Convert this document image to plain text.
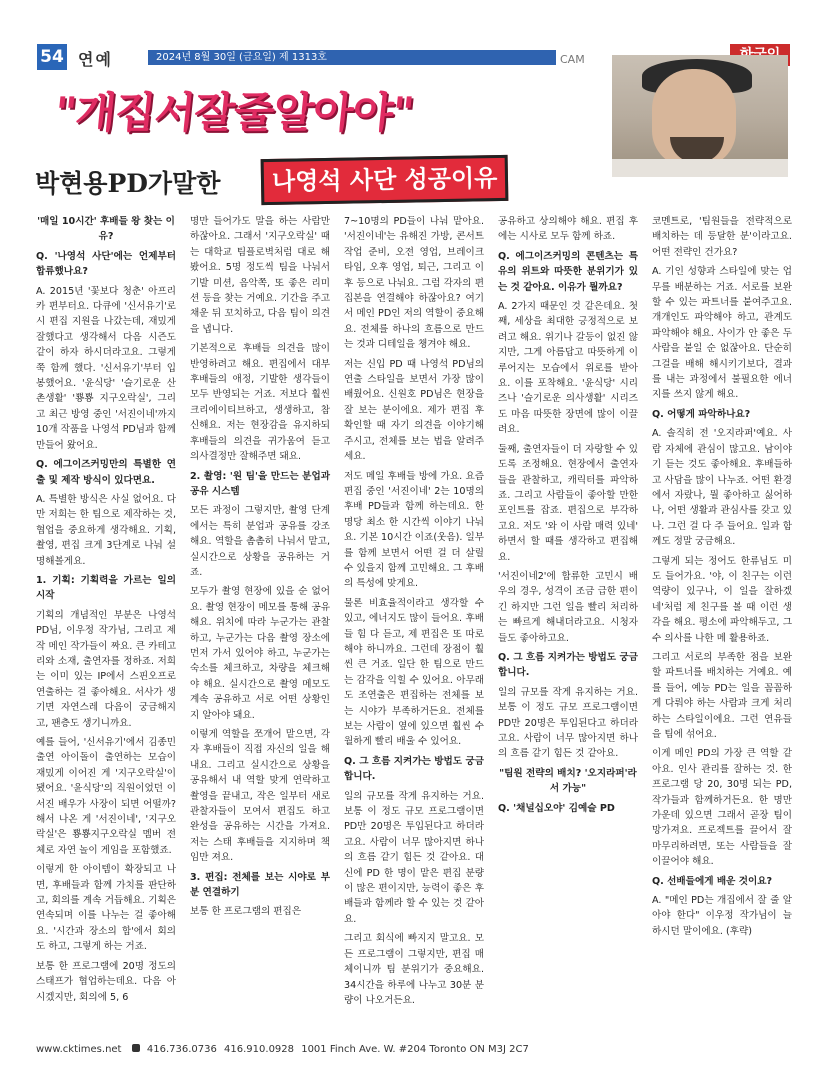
54 연예	2024년 8월 30일 (금요일) 제 1313호	CAM
"개집서잘줄알아야"
박현용PD가말한	나영석 사단 성공이유

'매일 10시간' 후배들 왕 찾는 이유?

Q. '나영석 사단'에는 언제부터 합류했나요?

A. 2015년 '꽃보다 청춘' 아프리카 편부터요. 다큐에 '신서유기'로 시 편집 지원을 나갔는데, 재밌게 잘했다고 생각해서 다음 시즌도 같이 하자 하시더라고요. 그렇게 쭉 함께 했다. '신서유기'부터 입봉했어요. '윤식당' '슬기로운 산촌생활' '뿅뿅 지구오락실', 그리고 최근 방영 중인 '서진이네'까지 10개 작품을 나영석 PD님과 함께 만들어 왔어요.

Q. 에그이즈커밍만의 특별한 연출 및 제작 방식이 있다면요.

A. 특별한 방식은 사실 없어요. 다만 저희는 한 팀으로 제작하는 것, 협업을 중요하게 생각해요. 기획, 촬영, 편집 크게 3단계로 나눠 설명해볼게요.

1. 기획: 기획력을 가르는 일의 시작

기획의 개념적인 부분은 나영석 PD님, 이우정 작가님, 그리고 제작 메인 작가들이 짜요. 큰 카테고리와 소재, 출연자를 정하죠. 저희는 이미 있는 IP에서 스핀오프로 연출하는 걸 좋아해요. 서사가 생기면 자연스레 다음이 궁금해지고, 팬층도 생기니까요.

예를 들어, '신서유기'에서 김종민 출연 아이돌이 출연하는 모습이 재밌게 이어진 게 '지구오락실'이 됐어요. '윤식당'의 직원이었던 이서진 배우가 사장이 되면 어떨까? 해서 나온 게 '서진이네', '지구오락실'은 뿅뿅지구오락실 멤버 전체로 자연 놀이 게임을 포함했죠.

이렇게 한 아이템이 확장되고 나면, 후배들과 함께 가치를 판단하고, 회의를 계속 거듭해요. 기획은 연속되며 이를 나누는 걸 좋아해요. '시간과 장소의 합'에서 회의도 하고, 그렇게 하는 거죠.

보통 한 프로그램에 20명 정도의 스태프가 협업하는데요. 다음 아시겠지만, 회의에 5, 6

명만 들어가도 말을 하는 사람만 하잖아요. 그래서 '지구오락실' 때는 대학교 팀플로벽처럼 대로 해봤어요. 5명 정도씩 팀을 나눠서 기발 미션, 음악쪽, 또 좋은 리미션 등을 찾는 거예요. 기간을 주고 채운 뒤 꼬치하고, 다음 팀이 의견을 냅니다.

기본적으로 후배들 의견을 많이 반영하려고 해요. 편집에서 대부 후배들의 애정, 기발한 생각들이 모두 반영되는 거죠. 저보다 훨씬 크리에이티브하고, 생생하고, 참신해요. 저는 현장감을 유지하되 후배들의 의견을 귀가움여 듣고 의사결정만 잘해주면 돼요.

2. 촬영: '원 팀'을 만드는 분업과 공유 시스템

모든 과정이 그렇지만, 촬영 단계에서는 특히 분업과 공유를 강조해요. 역할을 촘촘히 나눠서 맡고, 실시간으로 상황을 공유하는 거죠.

모두가 촬영 현장에 있을 순 없어요. 촬영 현장이 메모를 통해 공유해요. 위치에 따라 누군가는 관찰하고, 누군가는 다음 촬영 장소에 먼저 가서 있어야 하고, 누군가는 숙소를 체크하고, 차량을 체크해야 해요. 실시간으로 촬영 메모도 계속 공유하고 서로 어떤 상황인지 알아야 돼요.

이렇게 역할을 쪼개어 맡으면, 각자 후배들이 직접 자신의 일을 해내요. 그리고 실시간으로 상황을 공유해서 내 역할 맞게 연락하고 촬영을 끝내고, 작은 일부터 새로 관찰자들이 모여서 편집도 하고 완성을 공유하는 시간을 가져요. 저는 스태 후배들을 지지하며 책임만 져요.

3. 편집: 전체를 보는 시야로 부분 연결하기

보통 한 프로그램의 편집은

7~10명의 PD들이 나눠 맡아요. '서진이네'는 유해진 가방, 콘서트 작업 준비, 오전 영업, 브레이크 타임, 오후 영업, 퇴근, 그리고 이후 등으로 나눠요. 그럼 각자의 편집본을 연결해야 하잖아요? 여기서 메인 PD인 저의 역할이 중요해요. 전체를 하나의 흐름으로 만드는 것과 디테일을 챙겨야 해요.

저는 신입 PD 때 나영석 PD님의 연출 스타일을 보면서 가장 많이 배웠어요. 신원호 PD님은 현장을 잘 보는 분이에요. 제가 편집 후 확인할 때 자기 의견을 이야기해 주시고, 전체를 보는 법을 알려주세요.

저도 메일 후배들 방에 가요. 요즘 편집 중인 '서진이네' 2는 10명의 후배 PD들과 함께 하는데요. 한 명당 최소 한 시간씩 이야기 나눠요. 기본 10시간 이죠(웃음). 일부를 함께 보면서 어떤 걸 더 살릴 수 있을지 함께 고민해요. 그 후배의 특성에 맞게요.

물론 비효율적이라고 생각할 수 있고, 에너지도 많이 들어요. 후배들 힘 다 듣고, 제 편집은 또 따로 해야 하니까요. 그런데 장점이 훨씬 큰 거죠. 일단 한 팀으로 만드는 감각을 익힐 수 있어요. 아무래도 조연출은 편집하는 전체를 보는 시야가 부족하거든요. 전체를 보는 사람이 옆에 있으면 훨씬 수월하게 빨리 배울 수 있어요.

Q. 그 흐름 지켜가는 방법도 궁금합니다.

일의 규모를 작게 유지하는 거요. 보통 이 정도 규모 프로그램이면 PD만 20명은 투입된다고 하더라고요. 사람이 너무 많아지면 하나의 흐름 같기 힘든 것 같아요. 대신에 PD 한 명이 맡은 편집 분량이 많은 편이지만, 능력이 좋은 후배들과 함께라 할 수 있는 것 같아요.

그리고 회식에 빠지지 말고요. 모든 프로그램이 그렇지만, 편집 매체이니까 팀 분위기가 중요해요. 34시간을 하루에 나누고 30분 분량이 나오거든요.

공유하고 상의해야 해요. 편집 후에는 시사로 모두 함께 하죠.

Q. 에그이즈커밍의 콘텐츠는 특유의 위트와 따뜻한 분위기가 있는 것 같아요. 이유가 뭘까요?

A. 2가지 때문인 것 같은데요. 첫째, 세상을 최대한 긍정적으로 보려고 해요. 위기나 갈등이 없진 않지만, 그게 아름답고 따뜻하게 이루어지는 모습에서 위로를 받아요. 이를 포착해요. '윤식당' 시리즈나 '슬기로운 의사생활' 시리즈도 마음 따뜻한 장면에 많이 이끌려요.

둘째, 출연자들이 더 자랑할 수 있도록 조정해요. 현장에서 출연자들을 관찰하고, 캐릭터를 파악하죠. 그리고 사람들이 좋아할 만한 포인트를 잡죠. 편집으로 부각하고요. 저도 '와 이 사람 매력 있네' 하면서 할 때를 생각하고 편집해요.

'서진이네2'에 합류한 고민시 배우의 경우, 성격이 조금 급한 편이긴 하지만 그런 일을 빨리 처리하는 빠르게 해내더라고요. 시청자들도 좋아하고요.

Q. 그 흐름 지켜가는 방법도 궁금합니다.

일의 규모를 작게 유지하는 거요. 보통 이 정도 규모 프로그램이면 PD만 20명은 투입된다고 하더라고요. 사람이 너무 많아지면 하나의 흐름 같기 힘든 것 같아요.

"팀원 전략의 배치? '오지라퍼'라서 가능"

Q. '채널십오야' 김예슬 PD

코멘트로, '팀원들을 전략적으로 배치하는 데 등달한 분'이라고요. 어떤 전략인 건가요?

A. 기인 성향과 스타일에 맞는 업무를 배분하는 거죠. 서로를 보완할 수 있는 파트너를 붙여주고요. 개개인도 파악해야 하고, 관계도 파악해야 해요. 사이가 안 좋은 두 사람을 붙일 순 없잖아요. 단순히 그걸을 배해 해시키기보다, 결과를 내는 과정에서 불필요한 에너지를 쓰지 않게 해요.

Q. 어떻게 파악하나요?

A. 솔직히 전 '오지라퍼'예요. 사람 자체에 관심이 많고요. 남이야기 듣는 것도 좋아해요. 후배들하고 사담을 많이 나누죠. 어떤 환경에서 자랐나, 뭘 좋아하고 싫어하나, 어떤 생활과 관심사를 갖고 있나. 그런 걸 다 주 들어요. 일과 함께도 정말 궁금해요.

그렇게 되는 정어도 한류님도 미도 들어가요. '야, 이 친구는 이런 역량이 있구나, 이 일을 잘하겠네'처럼 제 친구를 볼 때 이런 생각을 해요. 평소에 파악해두고, 그 수 의사를 나한 메 활용하죠.

그리고 서로의 부족한 점을 보완할 파트너를 배치하는 거예요. 예를 들어, 예능 PD는 일을 꼼꼼하게 다뤄야 하는 사람과 크게 처리하는 스타일이에요. 그런 연유들을 팀에 섞어요.

이게 메인 PD의 가장 큰 역할 같아요. 인사 관리를 잘하는 것. 한 프로그램 당 20, 30명 되는 PD, 작가들과 함께하거든요. 한 명만 가운데 있으면 그래서 곧장 팀이 망가져요. 프로젝트를 끌어서 잘 마무리하려면, 또는 사람들을 잘 이끌어야 해요.

Q. 선배들에게 배운 것이요?

A. "메인 PD는 개집에서 잘 줄 알아야 한다" 이우정 작가님이 늘 하시던 말이에요. (후략)

www.cktimes.net	416.736.0736 416.910.0928 1001 Finch Ave. W. #204 Toronto ON M3J 2C7
